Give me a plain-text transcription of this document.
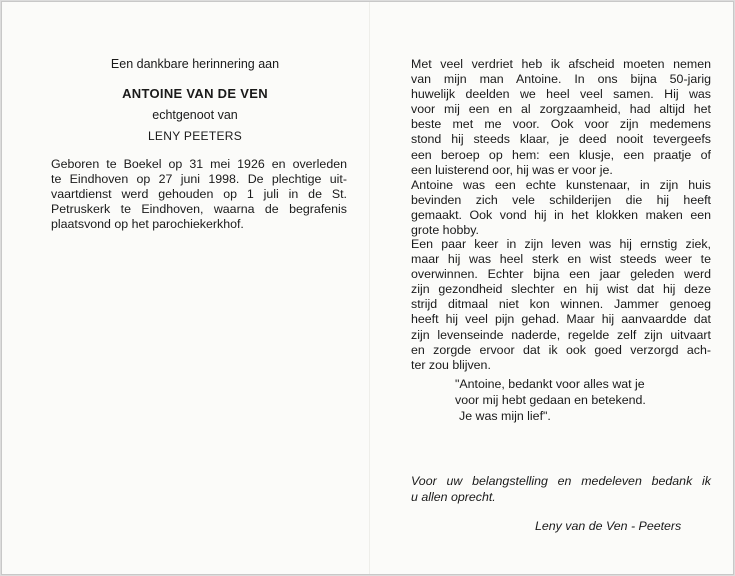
Een dankbare herinnering aan
ANTOINE VAN DE VEN
echtgenoot van
LENY PEETERS
Geboren te Boekel op 31 mei 1926 en overleden
te Eindhoven op 27 juni 1998. De plechtige uit-
vaartdienst werd gehouden op 1 juli in de St.
Petruskerk te Eindhoven, waarna de begrafenis
plaatsvond op het parochiekerkhof.
Met veel verdriet heb ik afscheid moeten nemen
van mijn man Antoine. In ons bijna 50-jarig
huwelijk deelden we heel veel samen. Hij was
voor mij een en al zorgzaamheid, had altijd het
beste met me voor. Ook voor zijn medemens
stond hij steeds klaar, je deed nooit tevergeefs
een beroep op hem: een klusje, een praatje of
een luisterend oor, hij was er voor je.
Antoine was een echte kunstenaar, in zijn huis
bevinden zich vele schilderijen die hij heeft
gemaakt. Ook vond hij in het klokken maken een
grote hobby.
Een paar keer in zijn leven was hij ernstig ziek,
maar hij was heel sterk en wist steeds weer te
overwinnen. Echter bijna een jaar geleden werd
zijn gezondheid slechter en hij wist dat hij deze
strijd ditmaal niet kon winnen. Jammer genoeg
heeft hij veel pijn gehad. Maar hij aanvaardde dat
zijn levenseinde naderde, regelde zelf zijn uitvaart
en zorgde ervoor dat ik ook goed verzorgd ach-
ter zou blijven.
"Antoine, bedankt voor alles wat je
voor mij hebt gedaan en betekend.
Je was mijn lief".
Voor uw belangstelling en medeleven bedank ik
u allen oprecht.
Leny van de Ven - Peeters
